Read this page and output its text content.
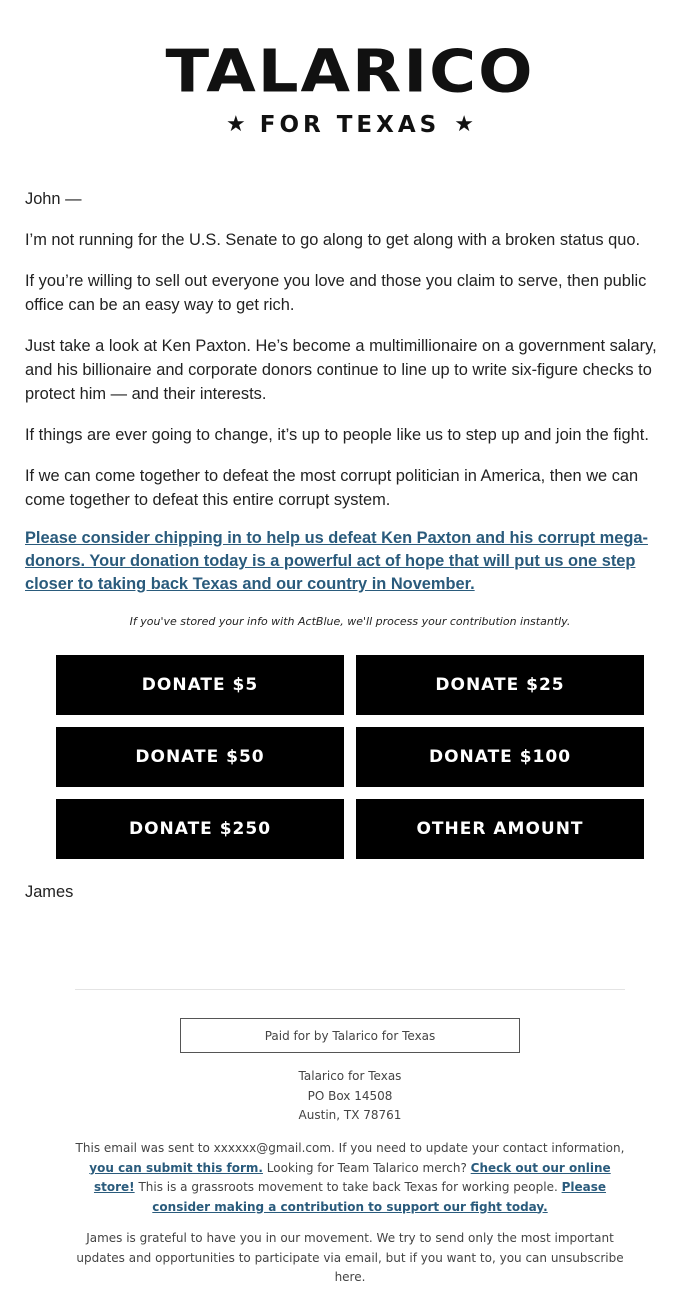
TALARICO
★ FOR TEXAS ★

John —

I’m not running for the U.S. Senate to go along to get along with a broken status quo.

If you’re willing to sell out everyone you love and those you claim to serve, then public office can be an easy way to get rich.

Just take a look at Ken Paxton. He’s become a multimillionaire on a government salary, and his billionaire and corporate donors continue to line up to write six-figure checks to protect him — and their interests.

If things are ever going to change, it’s up to people like us to step up and join the fight.

If we can come together to defeat the most corrupt politician in America, then we can come together to defeat this entire corrupt system.

Please consider chipping in to help us defeat Ken Paxton and his corrupt mega-donors. Your donation today is a powerful act of hope that will put us one step closer to taking back Texas and our country in November.
If you've stored your info with ActBlue, we'll process your contribution instantly.
DONATE $5	DONATE $25
DONATE $50	DONATE $100
DONATE $250	OTHER AMOUNT
James
Paid for by Talarico for Texas
Talarico for Texas
PO Box 14508
Austin, TX 78761
This email was sent to xxxxxx@gmail.com. If you need to update your contact information, you can submit this form. Looking for Team Talarico merch? Check out our online store! This is a grassroots movement to take back Texas for working people. Please consider making a contribution to support our fight today.
James is grateful to have you in our movement. We try to send only the most important updates and opportunities to participate via email, but if you want to, you can unsubscribe here.
